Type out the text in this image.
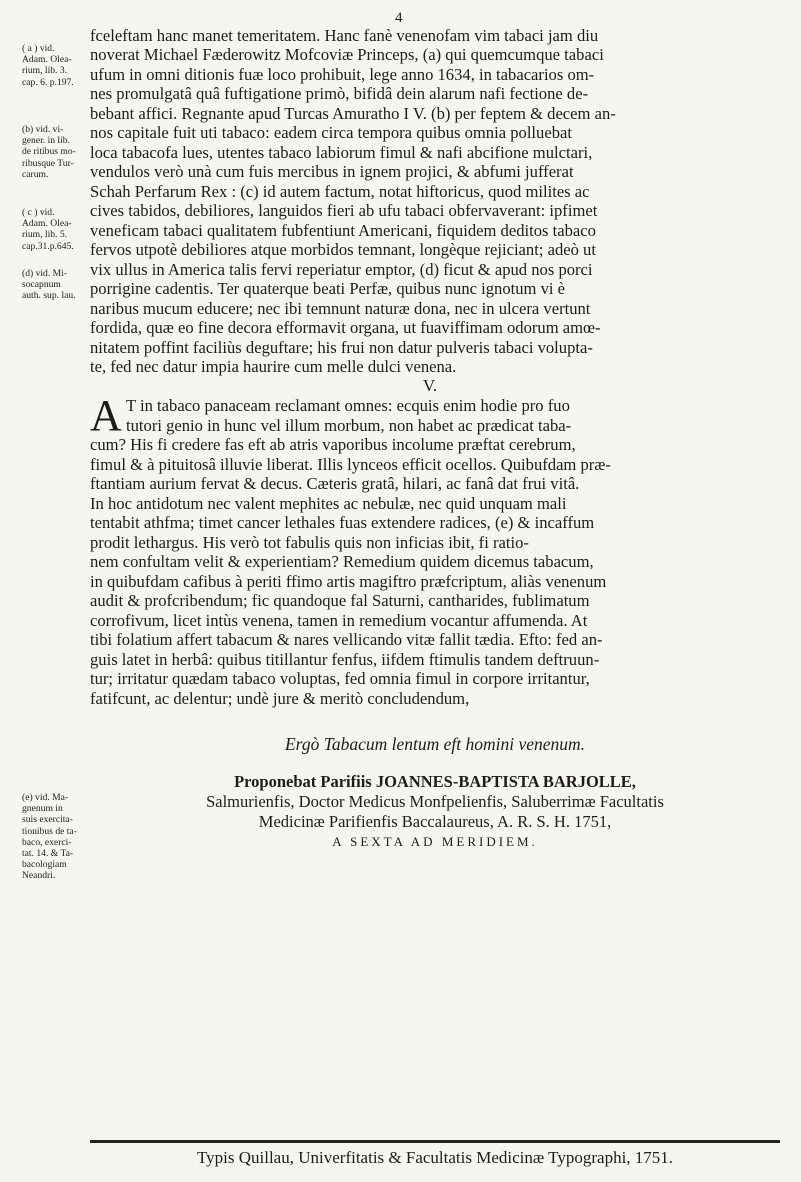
4
( a ) vid.
Adam. Olea-
rium, lib. 3.
cap. 6. p.197.
(b) vid. vi-
gener. in lib.
de ritibus mo-
ribusque Tur-
carum.
( c ) vid.
Adam. Olea-
rium, lib. 5.
cap.31.p.645.
(d) vid. Mi-
socapnum
auth. sup. lau.
(e) vid. Ma-
gnenum in
suis exercita-
tionibus de ta-
baco, exerci-
tat. 14. & Ta-
bacologiam
Neandri.
fceleftam hanc manet temeritatem. Hanc fanè venenofam vim tabaci jam diu
noverat Michael Fæderowitz Mofcoviæ Princeps, (a) qui quemcumque tabaci
ufum in omni ditionis fuæ loco prohibuit, lege anno 1634, in tabacarios om-
nes promulgatâ quâ fuftigatione primò, bifidâ dein alarum nafi fectione de-
bebant affici. Regnante apud Turcas Amuratho I V. (b) per feptem & decem an-
nos capitale fuit uti tabaco: eadem circa tempora quibus omnia polluebat
loca tabacofa lues, utentes tabaco labiorum fimul & nafi abcifione mulctari,
vendulos verò unà cum fuis mercibus in ignem projici, & abfumi jufferat
Schah Perfarum Rex : (c) id autem factum, notat hiftoricus, quod milites ac
cives tabidos, debiliores, languidos fieri ab ufu tabaci obfervaverant: ipfimet
veneficam tabaci qualitatem fubfentiunt Americani, fiquidem deditos tabaco
fervos utpotè debiliores atque morbidos temnant, longèque rejiciant; adeò ut
vix ullus in America talis fervi reperiatur emptor, (d) ficut & apud nos porci
porrigine cadentis. Ter quaterque beati Perfæ, quibus nunc ignotum vi è
naribus mucum educere; nec ibi temnunt naturæ dona, nec in ulcera vertunt
fordida, quæ eo fine decora efformavit organa, ut fuaviffimam odorum amœ-
nitatem poffint faciliùs deguftare; his frui non datur pulveris tabaci volupta-
te, fed nec datur impia haurire cum melle dulci venena.
V.
A T in tabaco panaceam reclamant omnes: ecquis enim hodie pro fuo
tutori genio in hunc vel illum morbum, non habet ac prædicat taba-
cum? His fi credere fas eft ab atris vaporibus incolume præftat cerebrum,
fimul & à pituitosâ illuvie liberat. Illis lynceos efficit ocellos. Quibufdam præ-
ftantiam aurium fervat & decus. Cæteris gratâ, hilari, ac fanâ dat frui vitâ.
In hoc antidotum nec valent mephites ac nebulæ, nec quid unquam mali
tentabit athfma; timet cancer lethales fuas extendere radices, (e) & incaffum
prodit lethargus. His verò tot fabulis quis non inficias ibit, fi ratio-
nem confultam velit & experientiam? Remedium quidem dicemus tabacum,
in quibufdam cafibus à periti ffimo artis magiftro præfcriptum, aliàs venenum
audit & profcribendum; fic quandoque fal Saturni, cantharides, fublimatum
corrofivum, licet intùs venena, tamen in remedium vocantur affumenda. At
tibi folatium affert tabacum & nares vellicando vitæ fallit tædia. Efto: fed an-
guis latet in herbâ: quibus titillantur fenfus, iifdem ftimulis tandem deftruun-
tur; irritatur quædam tabaco voluptas, fed omnia fimul in corpore irritantur,
fatifcunt, ac delentur; undè jure & meritò concludendum,
Ergò Tabacum lentum eft homini venenum.
Proponebat Parifiis JOANNES-BAPTISTA BARJOLLE,
Salmurienfis, Doctor Medicus Monfpelienfis, Saluberrimæ Facultatis
Medicinæ Parifienfis Baccalaureus, A. R. S. H. 1751,
A SEXTA AD MERIDIEM.
Typis Quillau, Univerfitatis & Facultatis Medicinæ Typographi, 1751.
